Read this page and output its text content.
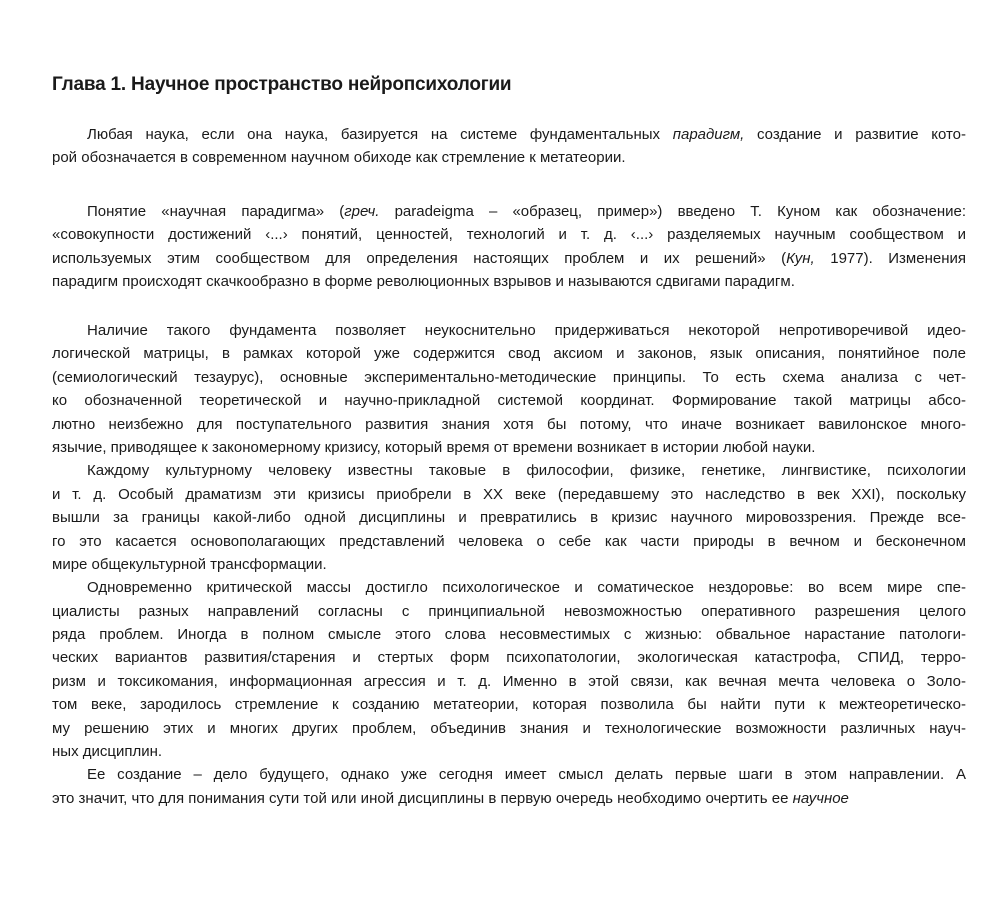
Глава 1. Научное пространство нейропсихологии
Любая наука, если она наука, базируется на системе фундаментальных парадигм, создание и развитие кото-
рой обозначается в современном научном обиходе как стремление к метатеории.
Понятие «научная парадигма» (греч. paradeigma – «образец, пример») введено Т. Куном как обозначение:
«совокупности достижений ‹...› понятий, ценностей, технологий и т. д. ‹...› разделяемых научным сообществом и
используемых этим сообществом для определения настоящих проблем и их решений» (Кун, 1977). Изменения
парадигм происходят скачкообразно в форме революционных взрывов и называются сдвигами парадигм.
Наличие такого фундамента позволяет неукоснительно придерживаться некоторой непротиворечивой идео-
логической матрицы, в рамках которой уже содержится свод аксиом и законов, язык описания, понятийное поле
(семиологический тезаурус), основные экспериментально-методические принципы. То есть схема анализа с чет-
ко обозначенной теоретической и научно-прикладной системой координат. Формирование такой матрицы абсо-
лютно неизбежно для поступательного развития знания хотя бы потому, что иначе возникает вавилонское много-
язычие, приводящее к закономерному кризису, который время от времени возникает в истории любой науки.
Каждому культурному человеку известны таковые в философии, физике, генетике, лингвистике, психологии
и т. д. Особый драматизм эти кризисы приобрели в XX веке (передавшему это наследство в век XXI), поскольку
вышли за границы какой-либо одной дисциплины и превратились в кризис научного мировоззрения. Прежде все-
го это касается основополагающих представлений человека о себе как части природы в вечном и бесконечном
мире общекультурной трансформации.
Одновременно критической массы достигло психологическое и соматическое нездоровье: во всем мире спе-
циалисты разных направлений согласны с принципиальной невозможностью оперативного разрешения целого
ряда проблем. Иногда в полном смысле этого слова несовместимых с жизнью: обвальное нарастание патологи-
ческих вариантов развития/старения и стертых форм психопатологии, экологическая катастрофа, СПИД, терро-
ризм и токсикомания, информационная агрессия и т. д. Именно в этой связи, как вечная мечта человека о Золо-
том веке, зародилось стремление к созданию метатеории, которая позволила бы найти пути к межтеоретическо-
му решению этих и многих других проблем, объединив знания и технологические возможности различных науч-
ных дисциплин.
Ее создание – дело будущего, однако уже сегодня имеет смысл делать первые шаги в этом направлении. А
это значит, что для понимания сути той или иной дисциплины в первую очередь необходимо очертить ее научное
